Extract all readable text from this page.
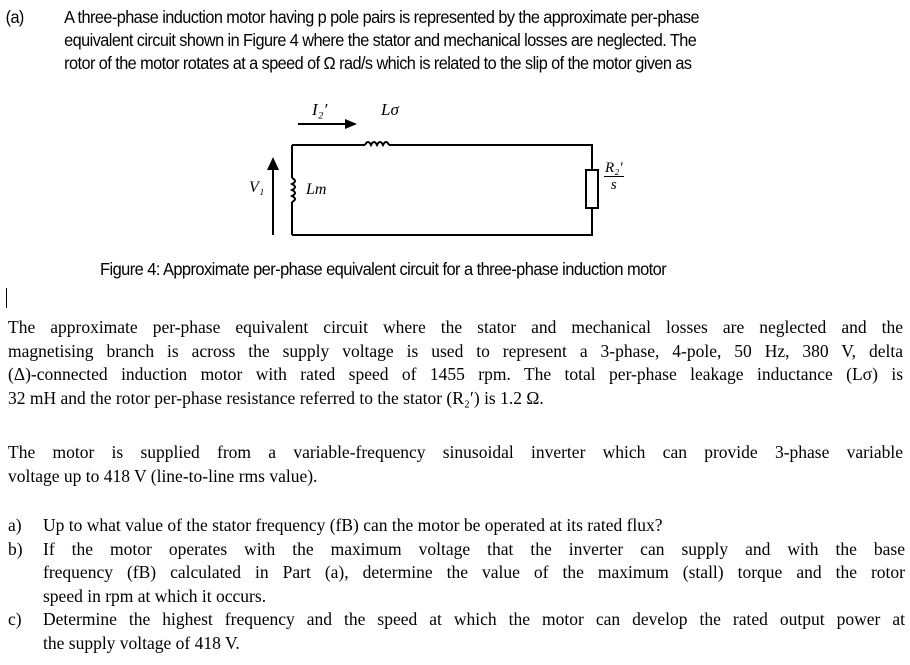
(a) A three-phase induction motor having p pole pairs is represented by the approximate per-phase
equivalent circuit shown in Figure 4 where the stator and mechanical losses are neglected. The
rotor of the motor rotates at a speed of Ω rad/s which is related to the slip of the motor given as
I₂′	Lσ
V₁	Lm
R₂′
s
Figure 4: Approximate per-phase equivalent circuit for a three-phase induction motor
The approximate per-phase equivalent circuit where the stator and mechanical losses are neglected and the
magnetising branch is across the supply voltage is used to represent a 3-phase, 4-pole, 50 Hz, 380 V, delta
(Δ)-connected induction motor with rated speed of 1455 rpm. The total per-phase leakage inductance (Lσ) is
32 mH and the rotor per-phase resistance referred to the stator (R₂′) is 1.2 Ω.
The motor is supplied from a variable-frequency sinusoidal inverter which can provide 3-phase variable
voltage up to 418 V (line-to-line rms value).
a) Up to what value of the stator frequency (fB) can the motor be operated at its rated flux?
b) If the motor operates with the maximum voltage that the inverter can supply and with the base
frequency (fB) calculated in Part (a), determine the value of the maximum (stall) torque and the rotor
speed in rpm at which it occurs.
c) Determine the highest frequency and the speed at which the motor can develop the rated output power at
the supply voltage of 418 V.
